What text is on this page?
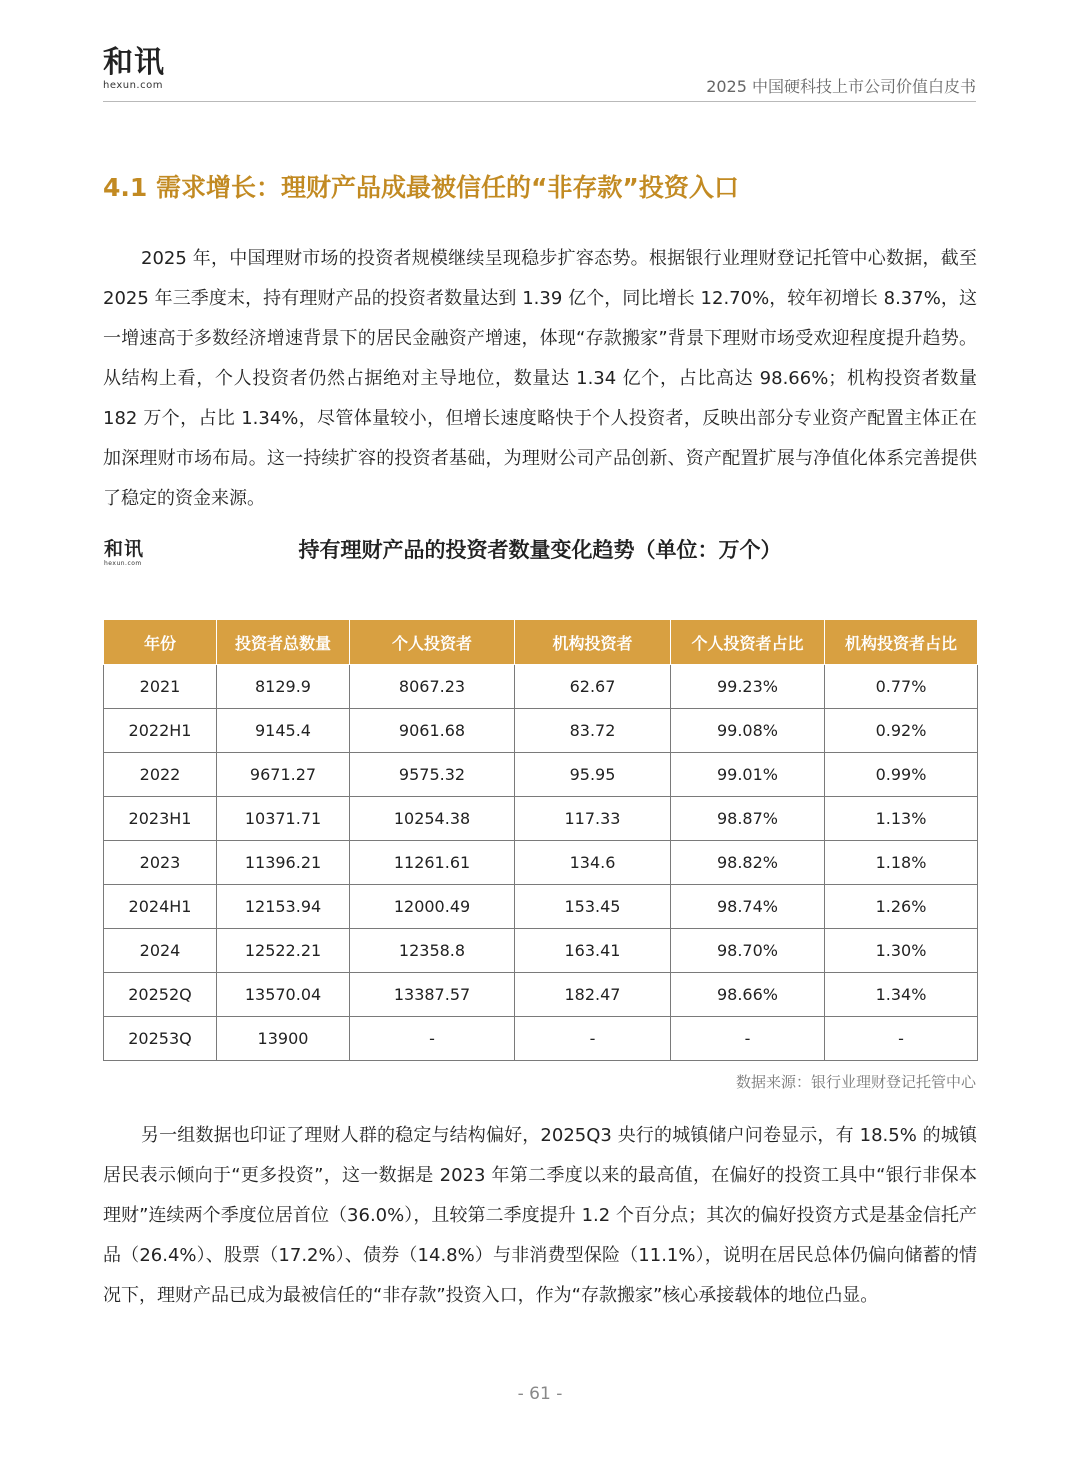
和讯
hexun.com	2025 中国硬科技上市公司价值白皮书
4.1 需求增长：理财产品成最被信任的“非存款”投资入口

2025 年，中国理财市场的投资者规模继续呈现稳步扩容态势。根据银行业理财登记托管中心数据，截至 2025 年三季度末，持有理财产品的投资者数量达到 1.39 亿个，同比增长 12.70%，较年初增长 8.37%，这一增速高于多数经济增速背景下的居民金融资产增速，体现“存款搬家”背景下理财市场受欢迎程度提升趋势。从结构上看，个人投资者仍然占据绝对主导地位，数量达 1.34 亿个，占比高达 98.66%；机构投资者数量 182 万个，占比 1.34%，尽管体量较小，但增长速度略快于个人投资者，反映出部分专业资产配置主体正在加深理财市场布局。这一持续扩容的投资者基础，为理财公司产品创新、资产配置扩展与净值化体系完善提供了稳定的资金来源。

和讯
hexun.com
持有理财产品的投资者数量变化趋势（单位：万个）
年份	投资者总数量	个人投资者	机构投资者	个人投资者占比	机构投资者占比
2021	8129.9	8067.23	62.67	99.23%	0.77%
2022H1	9145.4	9061.68	83.72	99.08%	0.92%
2022	9671.27	9575.32	95.95	99.01%	0.99%
2023H1	10371.71	10254.38	117.33	98.87%	1.13%
2023	11396.21	11261.61	134.6	98.82%	1.18%
2024H1	12153.94	12000.49	153.45	98.74%	1.26%
2024	12522.21	12358.8	163.41	98.70%	1.30%
20252Q	13570.04	13387.57	182.47	98.66%	1.34%
20253Q	13900	-	-	-	-
数据来源：银行业理财登记托管中心

另一组数据也印证了理财人群的稳定与结构偏好，2025Q3 央行的城镇储户问卷显示，有 18.5% 的城镇居民表示倾向于“更多投资”，这一数据是 2023 年第二季度以来的最高值，在偏好的投资工具中“银行非保本理财”连续两个季度位居首位（36.0%），且较第二季度提升 1.2 个百分点；其次的偏好投资方式是基金信托产品（26.4%）、股票（17.2%）、债券（14.8%）与非消费型保险（11.1%），说明在居民总体仍偏向储蓄的情况下，理财产品已成为最被信任的“非存款”投资入口，作为“存款搬家”核心承接载体的地位凸显。

- 61 -
